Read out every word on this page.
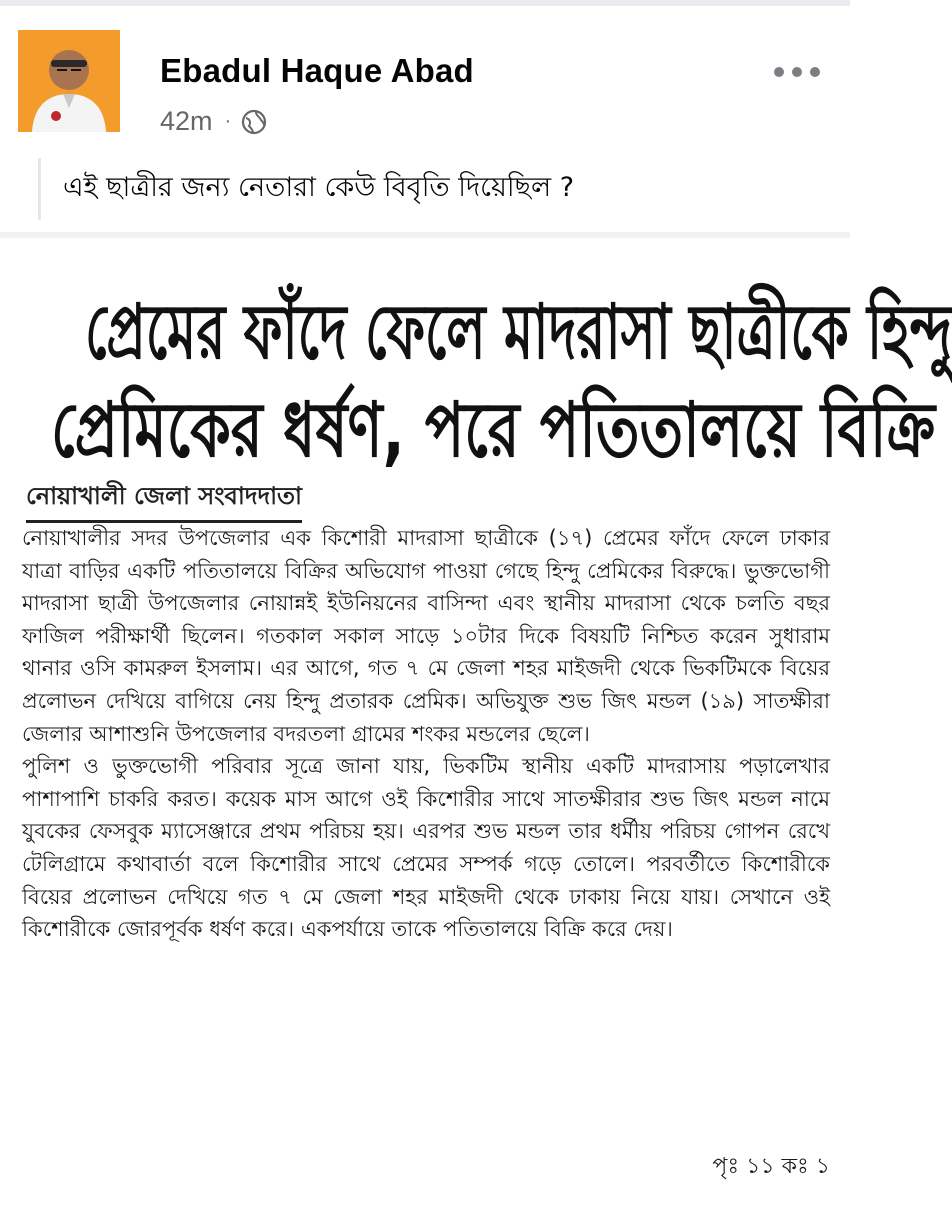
Ebadul Haque Abad
42m ·
এই ছাত্রীর জন্য নেতারা কেউ বিবৃতি দিয়েছিল ?
প্রেমের ফাঁদে ফেলে মাদরাসা ছাত্রীকে হিন্দু
প্রেমিকের ধর্ষণ, পরে পতিতালয়ে বিক্রি
নোয়াখালী জেলা সংবাদদাতা

নোয়াখালীর সদর উপজেলার এক কিশোরী মাদরাসা ছাত্রীকে (১৭) প্রেমের ফাঁদে ফেলে ঢাকার যাত্রা বাড়ির একটি পতিতালয়ে বিক্রির অভিযোগ পাওয়া গেছে হিন্দু প্রেমিকের বিরুদ্ধে। ভুক্তভোগী মাদরাসা ছাত্রী উপজেলার নোয়ান্নই ইউনিয়নের বাসিন্দা এবং স্থানীয় মাদরাসা থেকে চলতি বছর ফাজিল পরীক্ষার্থী ছিলেন। গতকাল সকাল সাড়ে ১০টার দিকে বিষয়টি নিশ্চিত করেন সুধারাম থানার ওসি কামরুল ইসলাম। এর আগে, গত ৭ মে জেলা শহর মাইজদী থেকে ভিকটিমকে বিয়ের প্রলোভন দেখিয়ে বাগিয়ে নেয় হিন্দু প্রতারক প্রেমিক। অভিযুক্ত শুভ জিৎ মন্ডল (১৯) সাতক্ষীরা জেলার আশাশুনি উপজেলার বদরতলা গ্রামের শংকর মন্ডলের ছেলে।

পুলিশ ও ভুক্তভোগী পরিবার সূত্রে জানা যায়, ভিকটিম স্থানীয় একটি মাদরাসায় পড়ালেখার পাশাপাশি চাকরি করত। কয়েক মাস আগে ওই কিশোরীর সাথে সাতক্ষীরার শুভ জিৎ মন্ডল নামে যুবকের ফেসবুক ম্যাসেঞ্জারে প্রথম পরিচয় হয়। এরপর শুভ মন্ডল তার ধর্মীয় পরিচয় গোপন রেখে টেলিগ্রামে কথাবার্তা বলে কিশোরীর সাথে প্রেমের সম্পর্ক গড়ে তোলে। পরবর্তীতে কিশোরীকে বিয়ের প্রলোভন দেখিয়ে গত ৭ মে জেলা শহর মাইজদী থেকে ঢাকায় নিয়ে যায়। সেখানে ওই কিশোরীকে জোরপূর্বক ধর্ষণ করে। একপর্যায়ে তাকে পতিতালয়ে বিক্রি করে দেয়।

পৃঃ ১১ কঃ ১
